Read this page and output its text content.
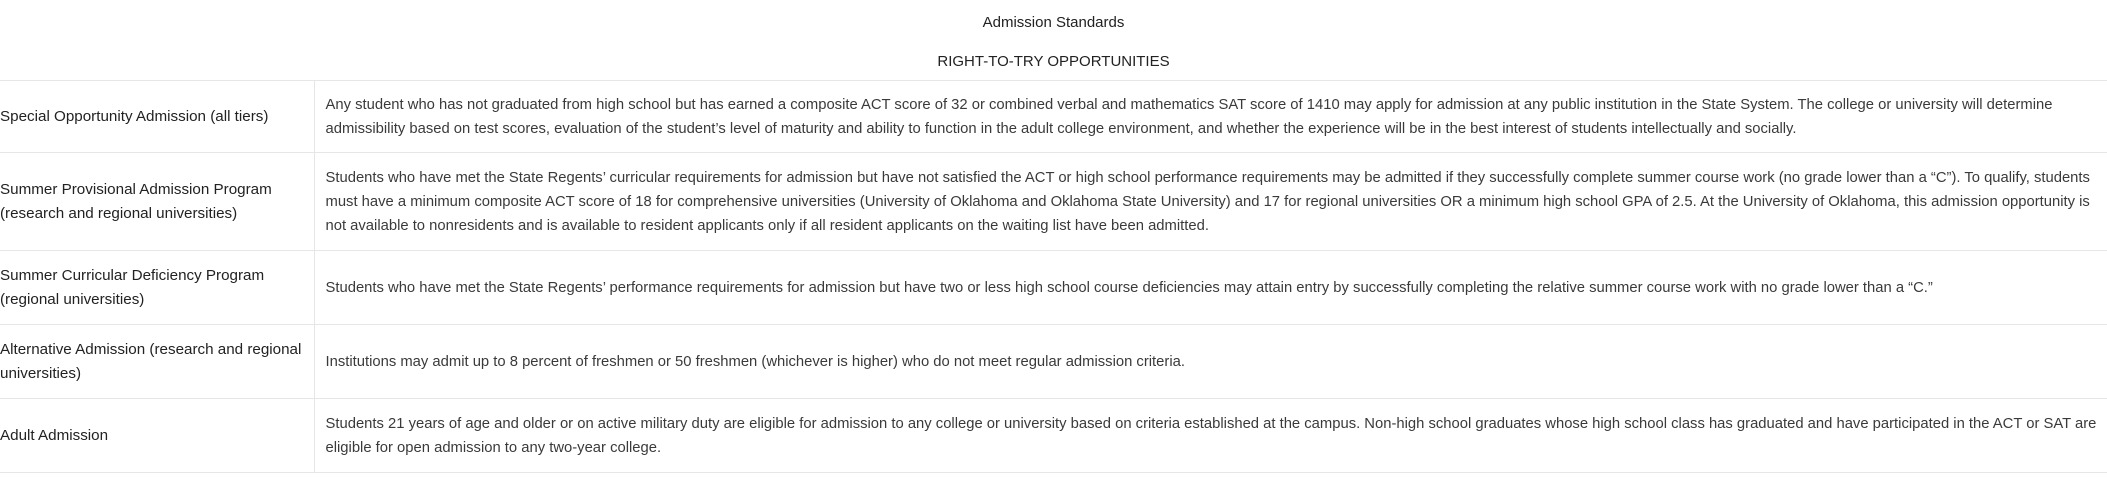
Admission Standards
RIGHT-TO-TRY OPPORTUNITIES
Special Opportunity Admission (all tiers)	Any student who has not graduated from high school but has earned a composite ACT score of 32 or combined verbal and mathematics SAT score of 1410 may apply for admission at any public institution in the State System. The college or university will determine admissibility based on test scores, evaluation of the student’s level of maturity and ability to function in the adult college environment, and whether the experience will be in the best interest of students intellectually and socially.
Summer Provisional Admission Program (research and regional universities)	Students who have met the State Regents’ curricular requirements for admission but have not satisfied the ACT or high school performance requirements may be admitted if they successfully complete summer course work (no grade lower than a “C”). To qualify, students must have a minimum composite ACT score of 18 for comprehensive universities (University of Oklahoma and Oklahoma State University) and 17 for regional universities OR a minimum high school GPA of 2.5. At the University of Oklahoma, this admission opportunity is not available to nonresidents and is available to resident applicants only if all resident applicants on the waiting list have been admitted.
Summer Curricular Deficiency Program (regional universities)	Students who have met the State Regents’ performance requirements for admission but have two or less high school course deficiencies may attain entry by successfully completing the relative summer course work with no grade lower than a “C.”
Alternative Admission (research and regional universities)	Institutions may admit up to 8 percent of freshmen or 50 freshmen (whichever is higher) who do not meet regular admission criteria.
Adult Admission	Students 21 years of age and older or on active military duty are eligible for admission to any college or university based on criteria established at the campus. Non-high school graduates whose high school class has graduated and have participated in the ACT or SAT are eligible for open admission to any two-year college.
